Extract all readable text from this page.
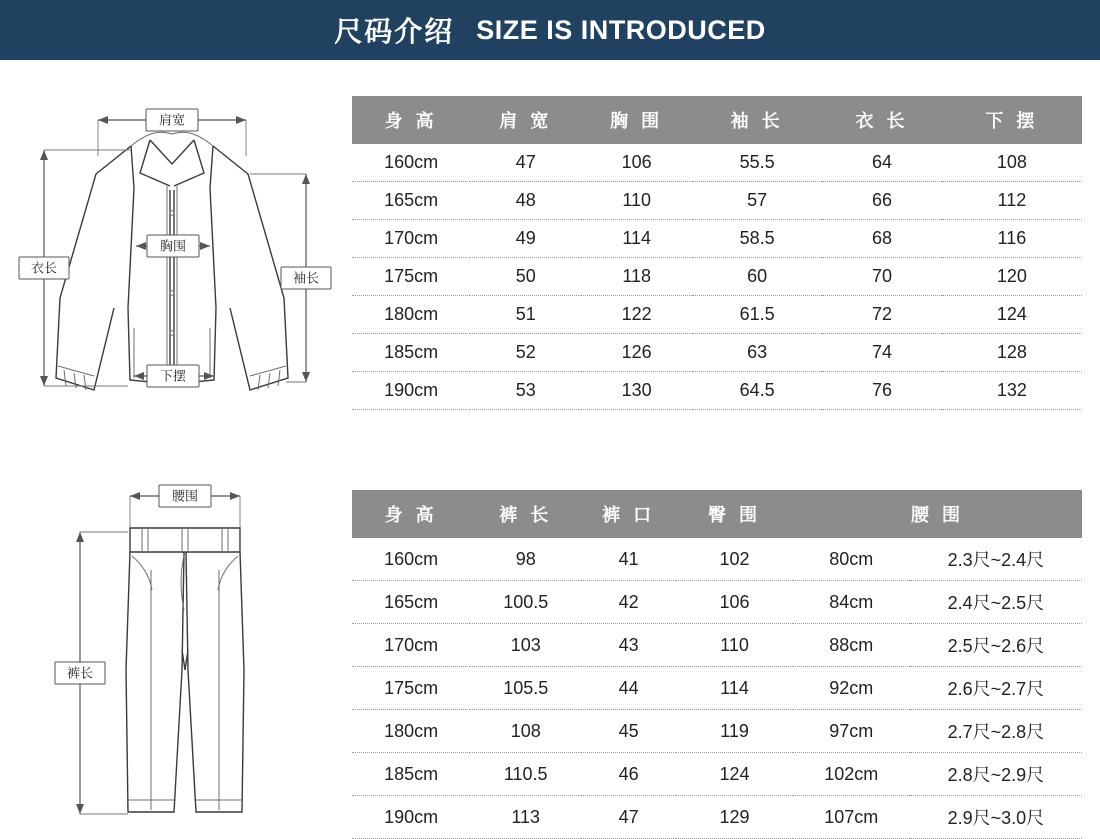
尺码介绍 SIZE IS INTRODUCED
肩宽
胸围
下摆
衣长
袖长
腰围
裤长
身 高	肩 宽	胸 围	袖 长	衣 长	下 摆
160cm	47	106	55.5	64	108
165cm	48	110	57	66	112
170cm	49	114	58.5	68	116
175cm	50	118	60	70	120
180cm	51	122	61.5	72	124
185cm	52	126	63	74	128
190cm	53	130	64.5	76	132
身 高	裤 长	裤 口	臀 围	腰 围	
160cm	98	41	102	80cm	2.3尺~2.4尺
165cm	100.5	42	106	84cm	2.4尺~2.5尺
170cm	103	43	110	88cm	2.5尺~2.6尺
175cm	105.5	44	114	92cm	2.6尺~2.7尺
180cm	108	45	119	97cm	2.7尺~2.8尺
185cm	110.5	46	124	102cm	2.8尺~2.9尺
190cm	113	47	129	107cm	2.9尺~3.0尺
